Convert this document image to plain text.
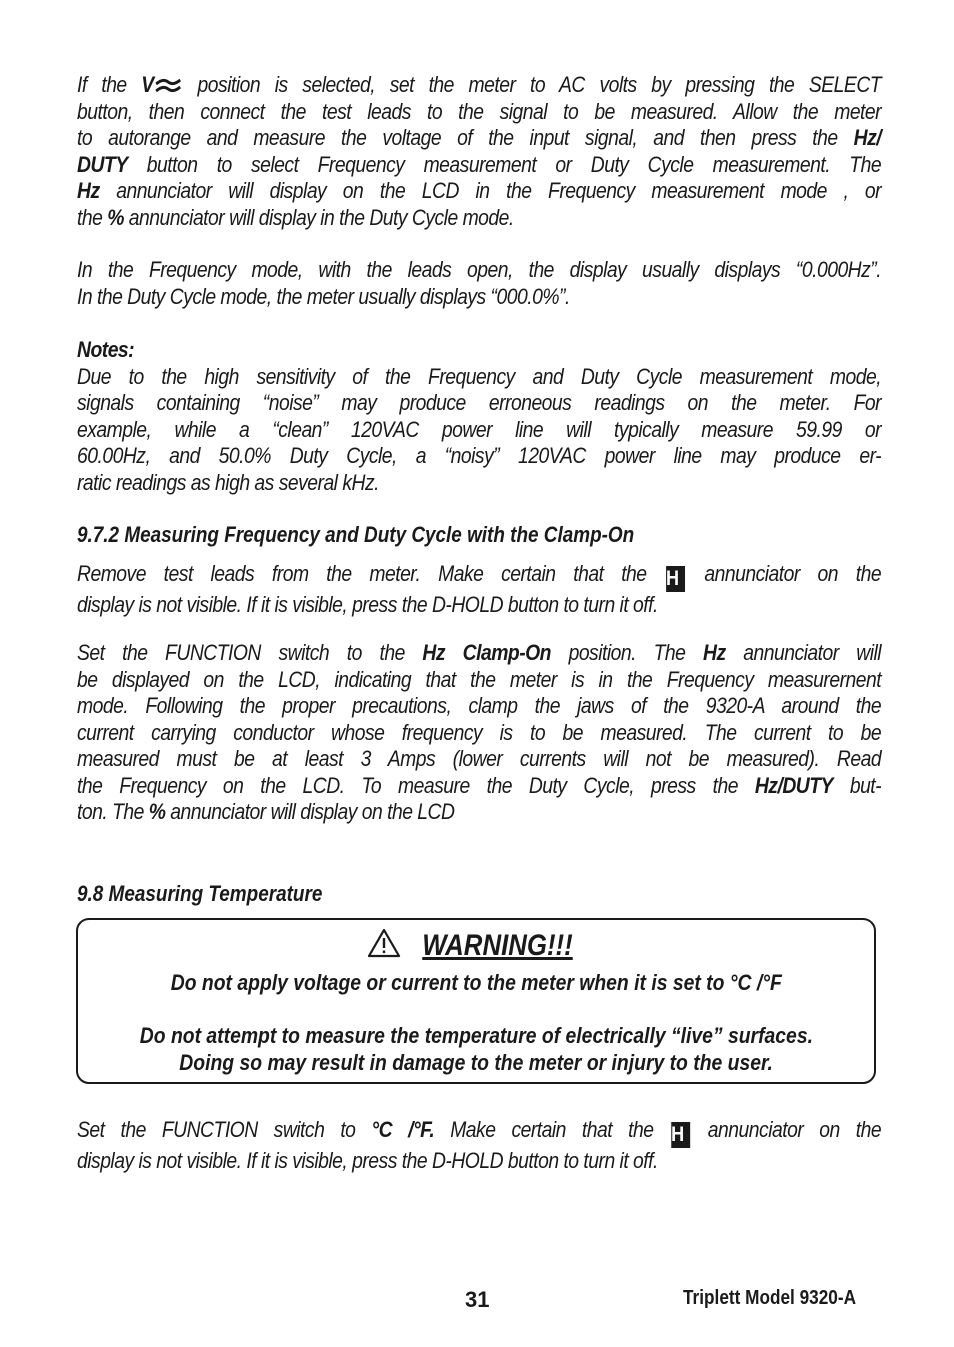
If the V position is selected, set the meter to AC volts by pressing the SELECT
button, then connect the test leads to the signal to be measured. Allow the meter
to autorange and measure the voltage of the input signal, and then press the Hz/
DUTY button to select Frequency measurement or Duty Cycle measurement. The
Hz annunciator will display on the LCD in the Frequency measurement mode , or
the % annunciator will display in the Duty Cycle mode.
In the Frequency mode, with the leads open, the display usually displays “0.000Hz”.
In the Duty Cycle mode, the meter usually displays “000.0%”.
Notes:
Due to the high sensitivity of the Frequency and Duty Cycle measurement mode,
signals containing “noise” may produce erroneous readings on the meter. For
example, while a “clean” 120VAC power line will typically measure 59.99 or
60.00Hz, and 50.0% Duty Cycle, a “noisy” 120VAC power line may produce er-
ratic readings as high as several kHz.
9.7.2 Measuring Frequency and Duty Cycle with the Clamp-On
Remove test leads from the meter. Make certain that the H annunciator on the
display is not visible. If it is visible, press the D-HOLD button to turn it off.
Set the FUNCTION switch to the Hz Clamp-On position. The Hz annunciator will
be displayed on the LCD, indicating that the meter is in the Frequency measurernent
mode. Following the proper precautions, clamp the jaws of the 9320-A around the
current carrying conductor whose frequency is to be measured. The current to be
measured must be at least 3 Amps (lower currents will not be measured). Read
the Frequency on the LCD. To measure the Duty Cycle, press the Hz/DUTY but-
ton. The % annunciator will display on the LCD
9.8 Measuring Temperature
WARNING!!!
Do not apply voltage or current to the meter when it is set to °C /°F
Do not attempt to measure the temperature of electrically “live” surfaces.
Doing so may result in damage to the meter or injury to the user.
Set the FUNCTION switch to °C /°F. Make certain that the H annunciator on the
display is not visible. If it is visible, press the D-HOLD button to turn it off.
31	Triplett Model 9320-A
